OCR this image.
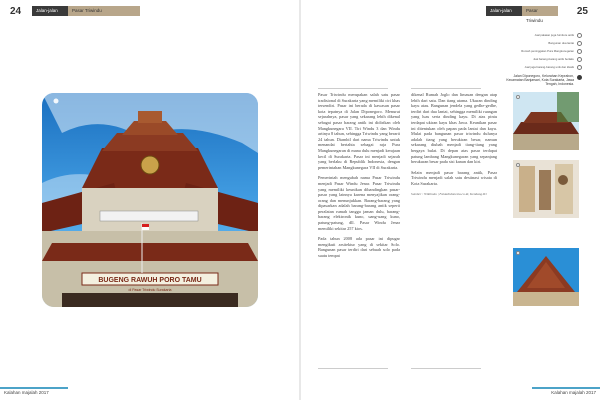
24	Jalan-jalan	Pasar Triwindu	Jalan-jalan	Pasar Triwindu
25
Jual pakaian juga furniture antik
Bangunan dua lantai
Rumah peninggalan Pura Mangkunegaran
Jual barang-barang antik berlaku
Jual juga barang-barang unik dan klasik
Jalan Diponegoro, Kelurahan Keprabon, Kecamatan Banjarsari, Kota Surakarta, Jawa Tengah, Indonesia.
BUGENG RAWUH PORO TAMU
di Pasar Triwindu Surakarta

Pasar Triwindu merupakan salah satu pasar tradisional di Surakarta yang memiliki ciri khas tersendiri. Pasar ini berada di kawasan pasar kota tepatnya di Jalan Diponegoro. Menurut sejarahnya, pasar yang sekarang lebih dikenal sebagai pasar barang antik ini didirikan oleh Mangkunegara VII. Tiri Windu 3 dan Windu artinya 8 tahun, sehingga Triwindu yang berarti 24 tahun. Diambil dari nama Triwindu untuk menandai bertahta sebagai raja Pura Mangkunegaran di mana dulu menjadi kerajaan kecil di Surakarta. Pasar ini menjadi sejarah yang berlaku di Republik Indonesia, dengan pemerintahan Mangkunegara VII di Surakarta.

Pemerintah mengubah nama Pasar Triwindu menjadi Pasar Windu Jenar. Pasar Triwindu yang memiliki keunikan dibandingkan pasar-pasar yang lainnya karena menyajikan orang-orang dan menunjukkan. Barang-barang yang dipasarkan adalah barang-barang antik seperti peralatan rumah tangga jaman dulu, barang-barang elektronik kuno, uang-uang kuno, patung-patung, dll. Pasar Windu Jenar memiliki sekitar 257 kios.

Pada tahun 2008 ada pasar ini dipugar mengikuti arsitektur yang di sekitar Solo. Bangunan pasar terdiri dari sebuah solo pada suatu tempat

dikenal Rumah Joglo dan limasan dengan atap lebih dari satu. Dan tiang utama. Ukuran dinding kayu atau. Bangunan jendela yang gedhe-gedhe, terdiri dari dua lantai, sehingga memiliki ruangan yang luas serta dinding kayu. Di atas pintu terdapat ukiran kayu khas Jawa. Keunikan pasar ini ditentukan oleh papan pada lantai dan kayu. Mulai pada bangunan pasar triwindu dulunya adalah tiang yang berukiran besar, namun sekarang diubah menjadi tiang-tiang yang bergaya bulat. Di depan atas pasar terdapat patung lambang Mangkunegaran yang sepanjang berukuran besar pada sisi kanan dan kiri.

Selain menjadi pasar barang antik, Pasar Triwindu menjadi salah satu destinasi wisata di Kota Surakarta.

Sumber : Wikibuku | FaktaIndonesia.co.id, Kendang.ID

Kalahan majalah 2017	Kalahan majalah 2017
